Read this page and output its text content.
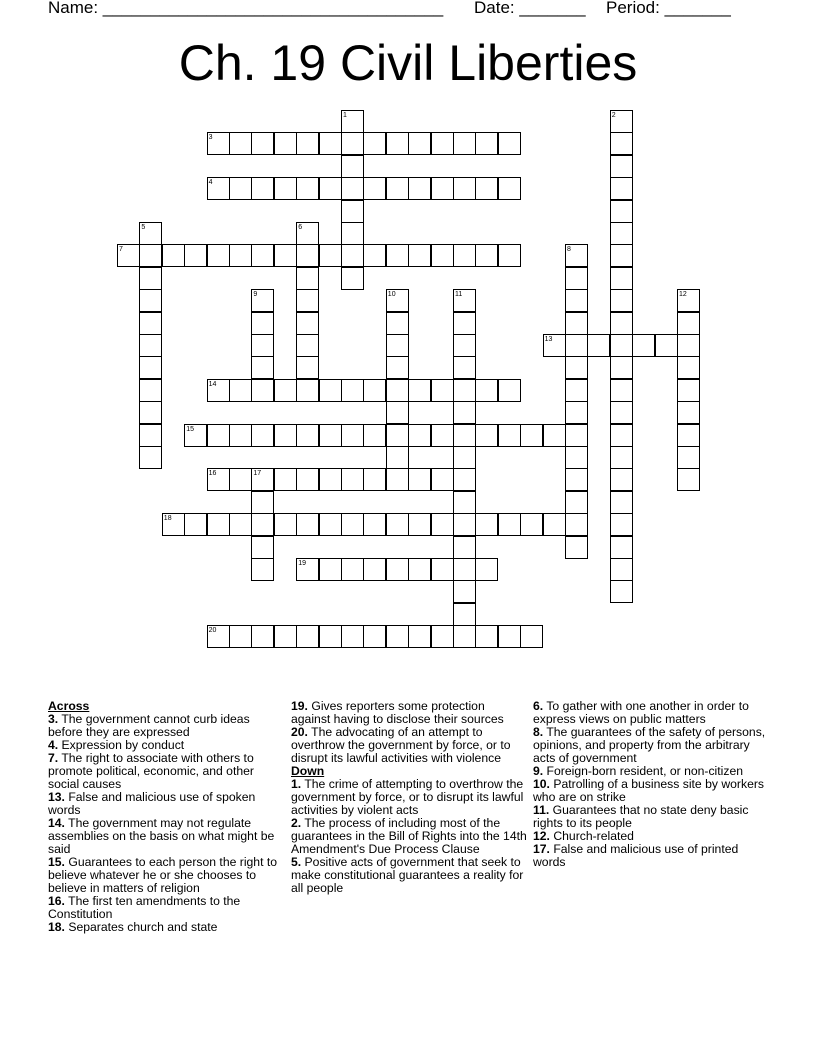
Name: ____________________________________ Date: _______ Period: _______
Ch. 19 Civil Liberties
1	2
3
4
5	6
7	8
9	10	11	12
13
14
15
16	17
18
19
20
Across
3. The government cannot curb ideas before they are expressed
4. Expression by conduct
7. The right to associate with others to promote political, economic, and other social causes
13. False and malicious use of spoken words
14. The government may not regulate assemblies on the basis on what might be said
15. Guarantees to each person the right to believe whatever he or she chooses to believe in matters of religion
16. The first ten amendments to the Constitution
18. Separates church and state
19. Gives reporters some protection against having to disclose their sources
20. The advocating of an attempt to overthrow the government by force, or to disrupt its lawful activities with violence
Down
1. The crime of attempting to overthrow the government by force, or to disrupt its lawful activities by violent acts
2. The process of including most of the guarantees in the Bill of Rights into the 14th Amendment's Due Process Clause
5. Positive acts of government that seek to make constitutional guarantees a reality for all people
6. To gather with one another in order to express views on public matters
8. The guarantees of the safety of persons, opinions, and property from the arbitrary acts of government
9. Foreign-born resident, or non-citizen
10. Patrolling of a business site by workers who are on strike
11. Guarantees that no state deny basic rights to its people
12. Church-related
17. False and malicious use of printed words
